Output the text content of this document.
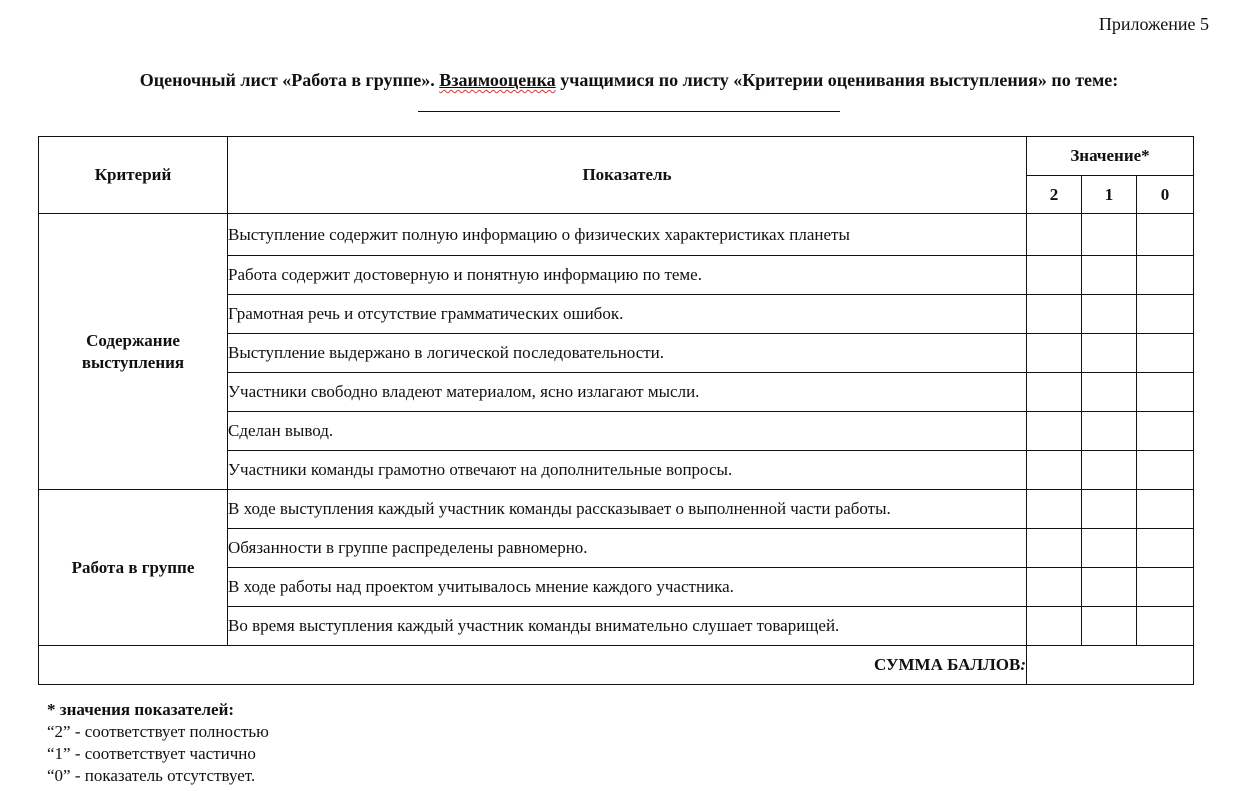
Приложение 5
Оценочный лист «Работа в группе». Взаимооценка учащимися по листу «Критерии оценивания выступления» по теме:
Критерий	Показатель	Значение*		
		2	1	0
Содержание
выступления	Выступление содержит полную информацию о физических характеристиках планеты			
	Работа содержит достоверную и понятную информацию по теме.			
	Грамотная речь и отсутствие грамматических ошибок.			
	Выступление выдержано в логической последовательности.			
	Участники свободно владеют материалом, ясно излагают мысли.			
	Сделан вывод.			
	Участники команды грамотно отвечают на дополнительные вопросы.			
Работа в группе	В ходе выступления каждый участник команды рассказывает о выполненной части работы.			
	Обязанности в группе распределены равномерно.			
	В ходе работы над проектом учитывалось мнение каждого участника.			
	Во время выступления каждый участник команды внимательно слушает товарищей.			
СУММА БАЛЛОВ:				
* значения показателей:
“2” - соответствует полностью
“1” - соответствует частично
“0” - показатель отсутствует.
